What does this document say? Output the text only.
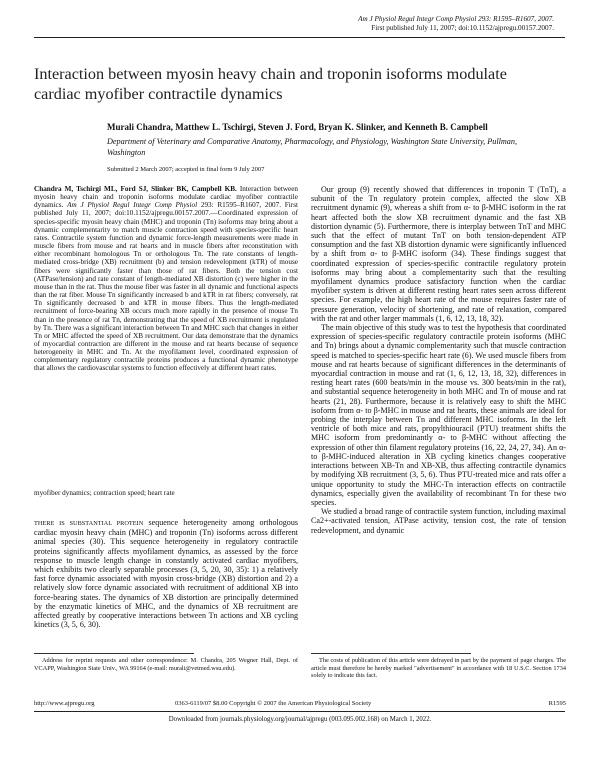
Am J Physiol Regul Integr Comp Physiol 293: R1595–R1607, 2007.
First published July 11, 2007; doi:10.1152/ajpregu.00157.2007.
Interaction between myosin heavy chain and troponin isoforms modulate cardiac myofiber contractile dynamics
Murali Chandra, Matthew L. Tschirgi, Steven J. Ford, Bryan K. Slinker, and Kenneth B. Campbell
Department of Veterinary and Comparative Anatomy, Pharmacology, and Physiology, Washington State University, Pullman, Washington
Submitted 2 March 2007; accepted in final form 9 July 2007

Chandra M, Tschirgi ML, Ford SJ, Slinker BK, Campbell KB. Interaction between myosin heavy chain and troponin isoforms modulate cardiac myofiber contractile dynamics. Am J Physiol Regul Integr Comp Physiol 293: R1595–R1607, 2007. First published July 11, 2007; doi:10.1152/ajpregu.00157.2007.—Coordinated expression of species-specific myosin heavy chain (MHC) and troponin (Tn) isoforms may bring about a dynamic complementarity to match muscle contraction speed with species-specific heart rates. Contractile system function and dynamic force-length measurements were made in muscle fibers from mouse and rat hearts and in muscle fibers after reconstitution with either recombinant homologous Tn or orthologous Tn. The rate constants of length-mediated cross-bridge (XB) recruitment (b) and tension redevelopment (kTR) of mouse fibers were significantly faster than those of rat fibers. Both the tension cost (ATPase/tension) and rate constant of length-mediated XB distortion (c) were higher in the mouse than in the rat. Thus the mouse fiber was faster in all dynamic and functional aspects than the rat fiber. Mouse Tn significantly increased b and kTR in rat fibers; conversely, rat Tn significantly decreased b and kTR in mouse fibers. Thus the length-mediated recruitment of force-bearing XB occurs much more rapidly in the presence of mouse Tn than in the presence of rat Tn, demonstrating that the speed of XB recruitment is regulated by Tn. There was a significant interaction between Tn and MHC such that changes in either Tn or MHC affected the speed of XB recruitment. Our data demonstrate that the dynamics of myocardial contraction are different in the mouse and rat hearts because of sequence heterogeneity in MHC and Tn. At the myofilament level, coordinated expression of complementary regulatory contractile proteins produces a functional dynamic phenotype that allows the cardiovascular systems to function effectively at different heart rates.

myofiber dynamics; contraction speed; heart rate

THERE IS SUBSTANTIAL PROTEIN sequence heterogeneity among orthologous cardiac myosin heavy chain (MHC) and troponin (Tn) isoforms across different animal species (30). This sequence heterogeneity in regulatory contractile proteins significantly affects myofilament dynamics, as assessed by the force response to muscle length change in constantly activated cardiac myofibers, which exhibits two clearly separable processes (3, 5, 20, 30, 35): 1) a relatively fast force dynamic associated with myosin cross-bridge (XB) distortion and 2) a relatively slow force dynamic associated with recruitment of additional XB into force-bearing states. The dynamics of XB distortion are principally determined by the enzymatic kinetics of MHC, and the dynamics of XB recruitment are affected greatly by cooperative interactions between Tn actions and XB cycling kinetics (3, 5, 6, 30).

Our group (9) recently showed that differences in troponin T (TnT), a subunit of the Tn regulatory protein complex, affected the slow XB recruitment dynamic (9), whereas a shift from α- to β-MHC isoform in the rat heart affected both the slow XB recruitment dynamic and the fast XB distortion dynamic (5). Furthermore, there is interplay between TnT and MHC such that the effect of mutant TnT on both tension-dependent ATP consumption and the fast XB distortion dynamic were significantly influenced by a shift from α- to β-MHC isoform (34). These findings suggest that coordinated expression of species-specific contractile regulatory protein isoforms may bring about a complementarity such that the resulting myofilament dynamics produce satisfactory function when the cardiac myofiber system is driven at different resting heart rates seen across different species. For example, the high heart rate of the mouse requires faster rate of pressure generation, velocity of shortening, and rate of relaxation, compared with the rat and other larger mammals (1, 6, 12, 13, 18, 32).

The main objective of this study was to test the hypothesis that coordinated expression of species-specific regulatory contractile protein isoforms (MHC and Tn) brings about a dynamic complementarity such that muscle contraction speed is matched to species-specific heart rate (6). We used muscle fibers from mouse and rat hearts because of significant differences in the determinants of myocardial contraction in mouse and rat (1, 6, 12, 13, 18, 32), differences in resting heart rates (600 beats/min in the mouse vs. 300 beats/min in the rat), and substantial sequence heterogeneity in both MHC and Tn of mouse and rat hearts (21, 28). Furthermore, because it is relatively easy to shift the MHC isoform from α- to β-MHC in mouse and rat hearts, these animals are ideal for probing the interplay between Tn and different MHC isoforms. In the left ventricle of both mice and rats, propylthiouracil (PTU) treatment shifts the MHC isoform from predominantly α- to β-MHC without affecting the expression of other thin filament regulatory proteins (16, 22, 24, 27, 34). An α- to β-MHC-induced alteration in XB cycling kinetics changes cooperative interactions between XB-Tn and XB-XB, thus affecting contractile dynamics by modifying XB recruitment (3, 5, 6). Thus PTU-treated mice and rats offer a unique opportunity to study the MHC-Tn interaction effects on contractile dynamics, especially given the availability of recombinant Tn for these two species.

We studied a broad range of contractile system function, including maximal Ca2+-activated tension, ATPase activity, tension cost, the rate of tension redevelopment, and dynamic

Address for reprint requests and other correspondence: M. Chandra, 205 Wegner Hall, Dept. of VCAPP, Washington State Univ., WA 99164 (e-mail: murali@vetmed.wsu.edu).
The costs of publication of this article were defrayed in part by the payment of page charges. The article must therefore be hereby marked "advertisement" in accordance with 18 U.S.C. Section 1734 solely to indicate this fact.
http://www.ajpregu.org	0363-6119/07 $8.00 Copyright © 2007 the American Physiological Society	R1595
Downloaded from journals.physiology.org/journal/ajpregu (003.095.002.168) on March 1, 2022.
